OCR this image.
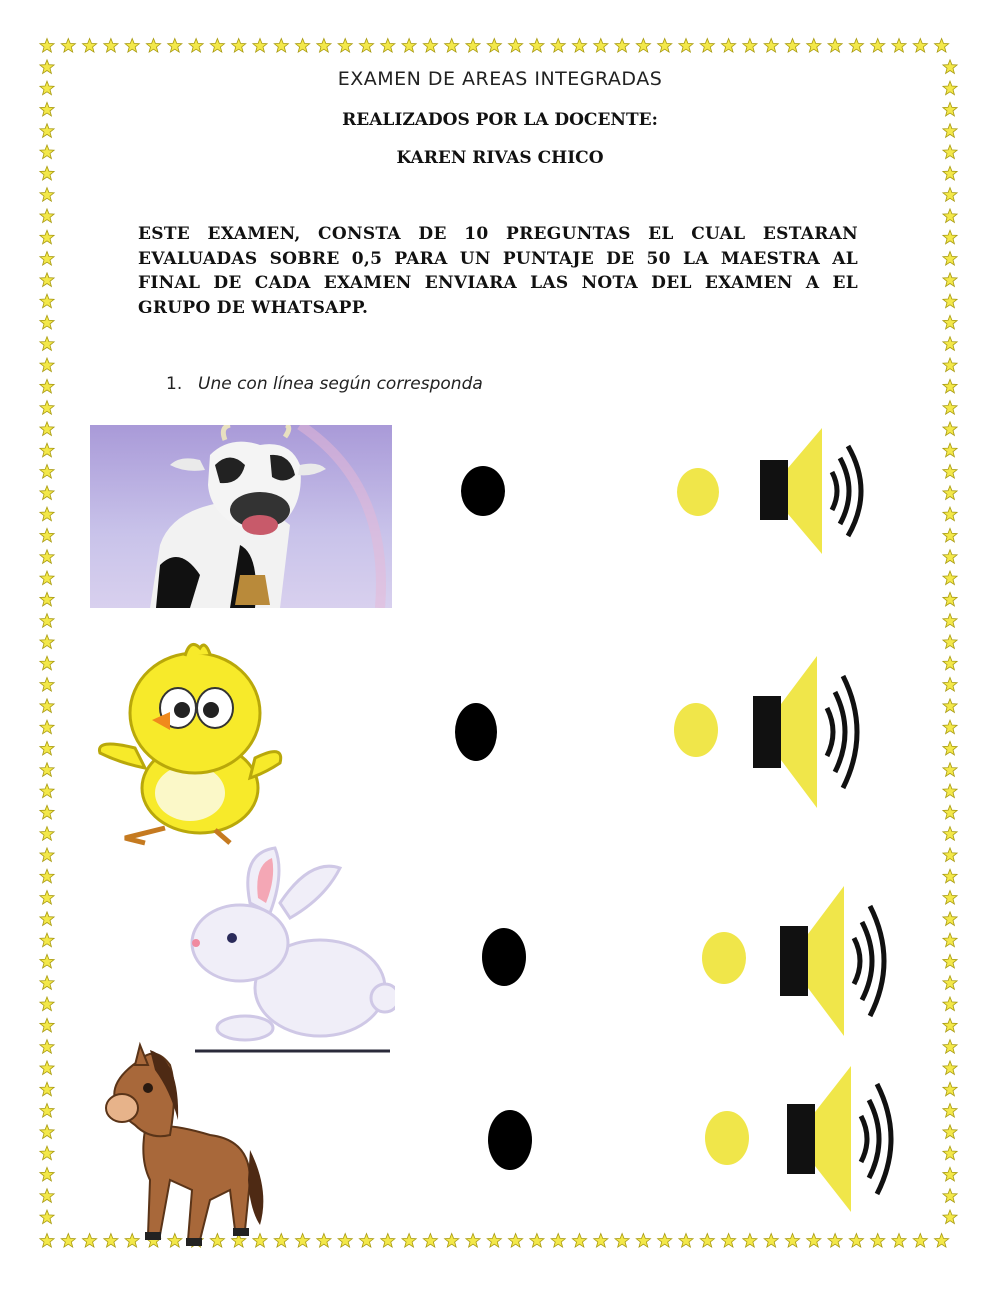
EXAMEN DE AREAS INTEGRADAS
REALIZADOS POR LA DOCENTE:
KAREN RIVAS CHICO
ESTE EXAMEN, CONSTA DE 10 PREGUNTAS EL CUAL ESTARAN EVALUADAS SOBRE 0,5 PARA UN PUNTAJE DE 50 LA MAESTRA AL FINAL DE CADA EXAMEN ENVIARA LAS NOTA DEL EXAMEN A EL GRUPO DE WHATSAPP.
1. Une con línea según corresponda
